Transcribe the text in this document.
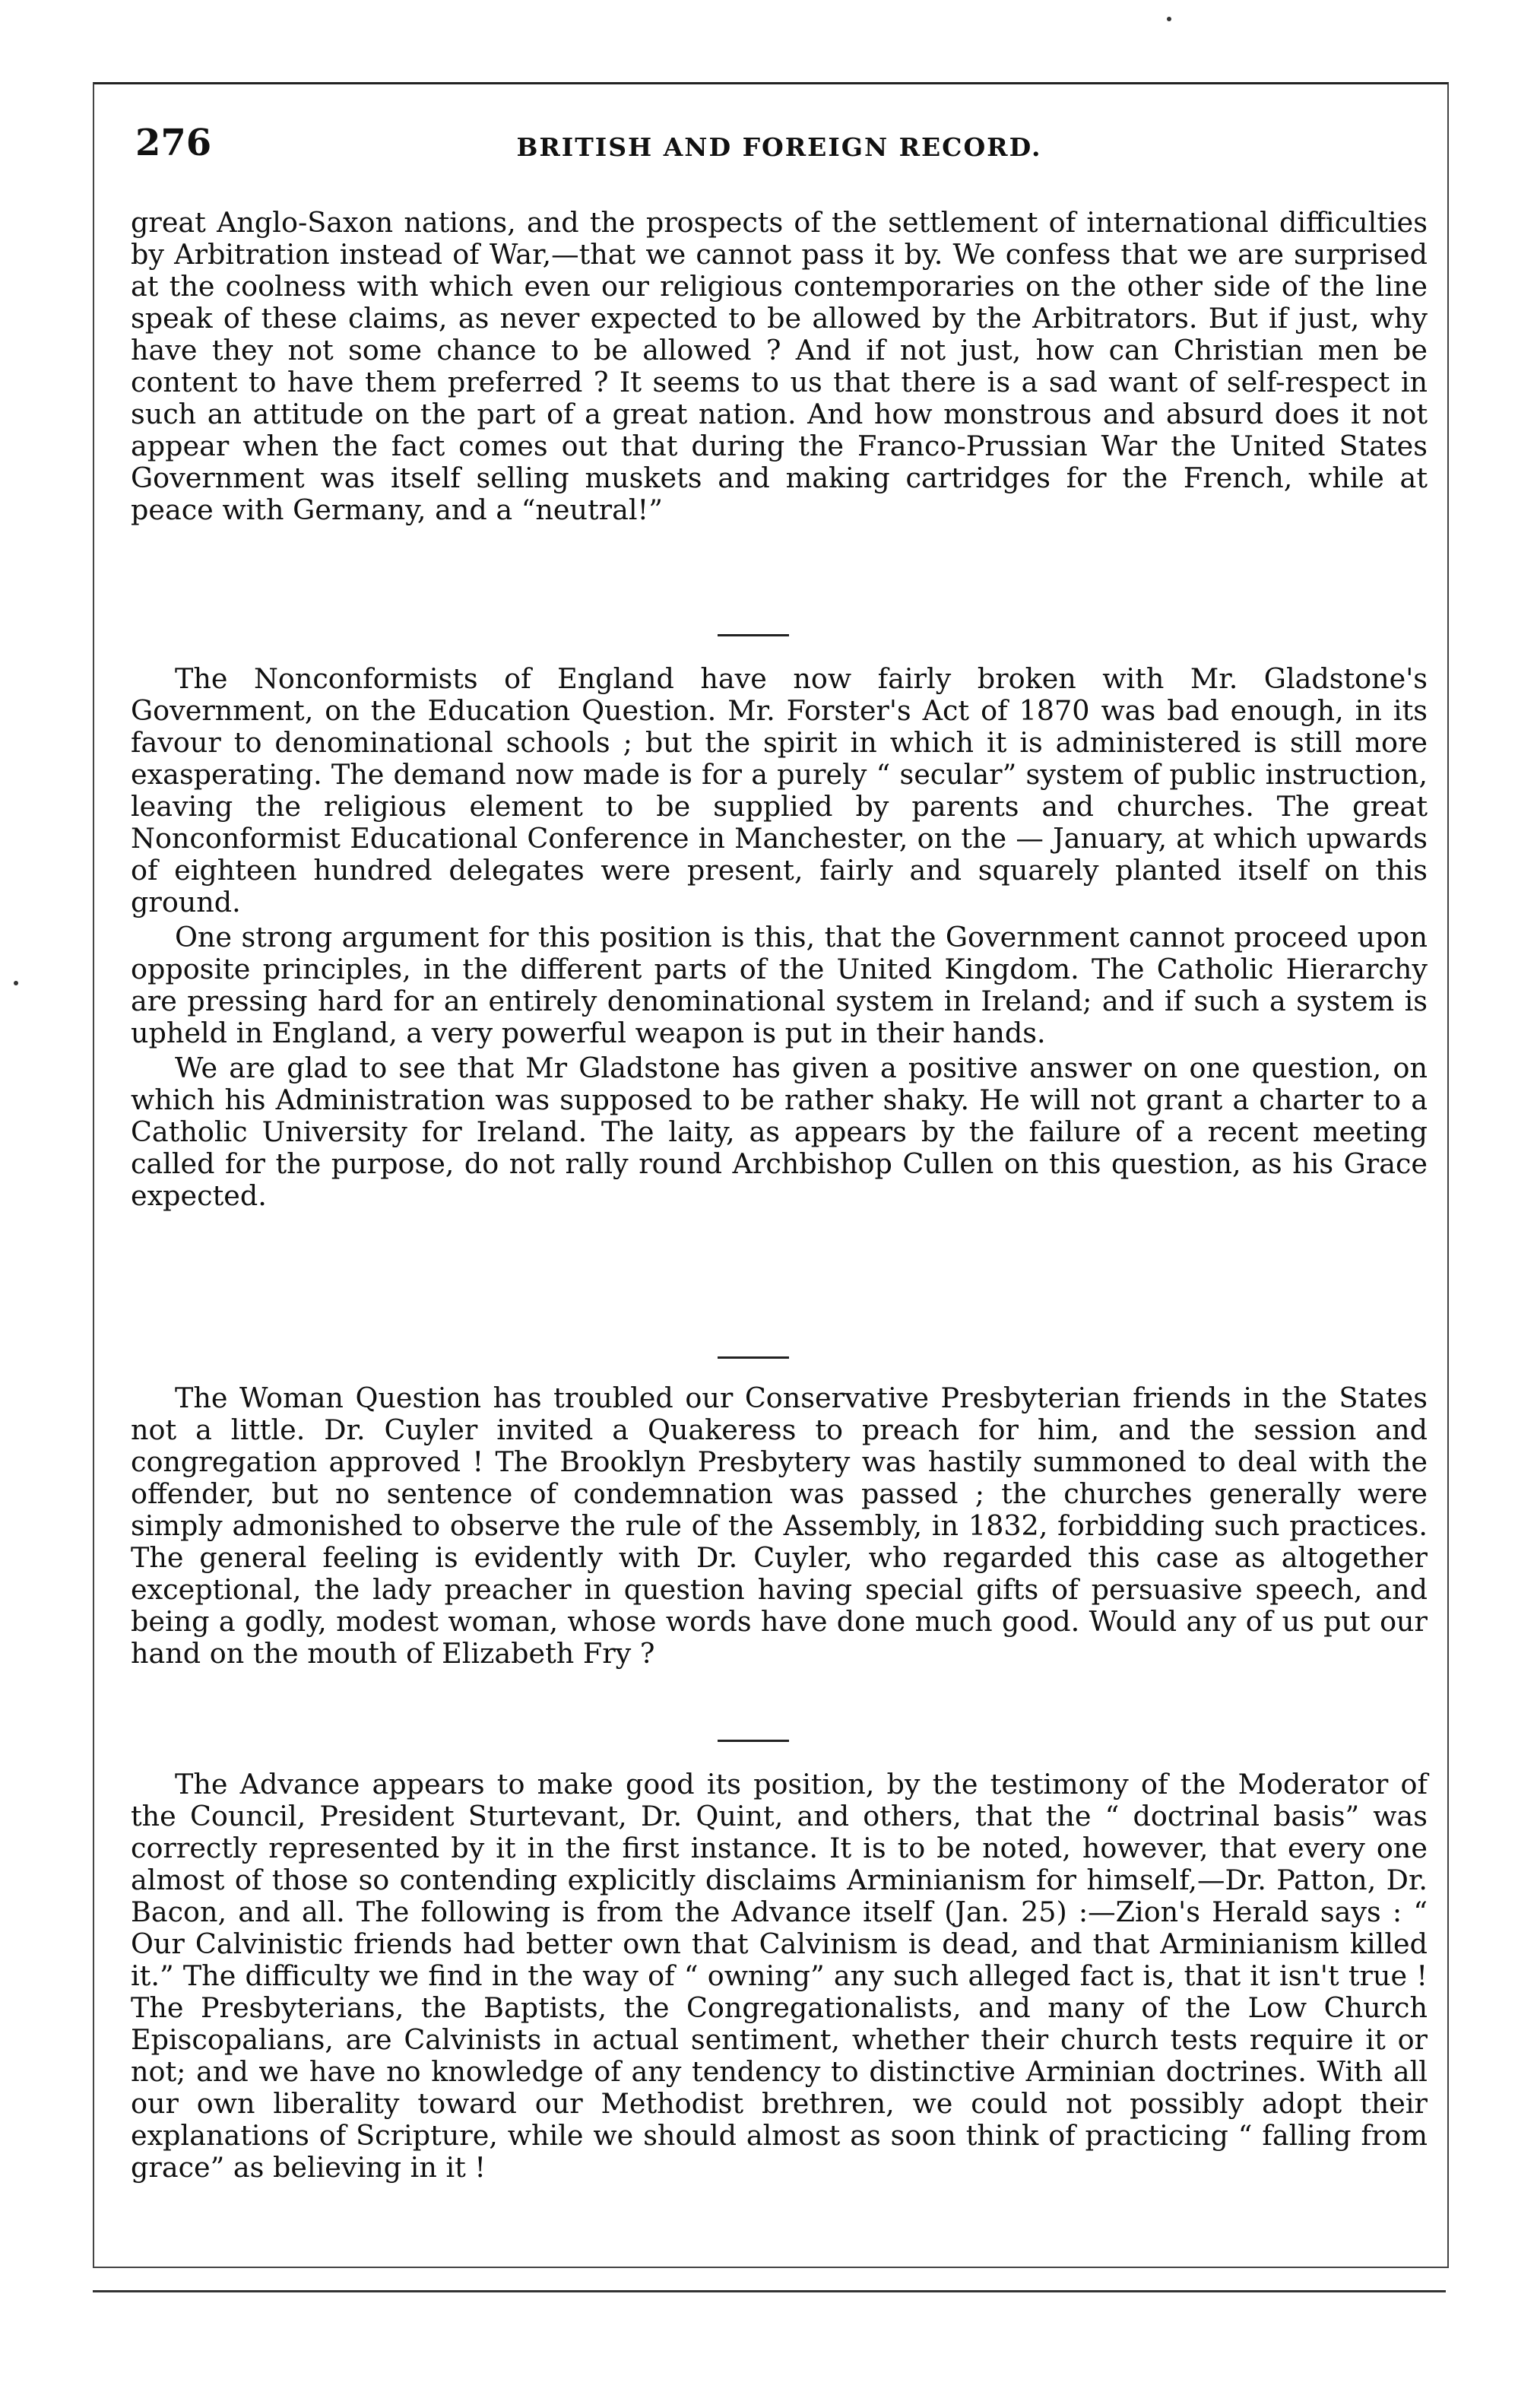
276	BRITISH AND FOREIGN RECORD.

great Anglo-Saxon nations, and the prospects of the settlement of international difficulties by Arbitration instead of War,—that we cannot pass it by. We confess that we are surprised at the coolness with which even our religious contemporaries on the other side of the line speak of these claims, as never expected to be allowed by the Arbitrators. But if just, why have they not some chance to be allowed ? And if not just, how can Christian men be content to have them preferred ? It seems to us that there is a sad want of self-respect in such an attitude on the part of a great nation. And how monstrous and absurd does it not appear when the fact comes out that during the Franco-Prussian War the United States Government was itself selling muskets and making cartridges for the French, while at peace with Germany, and a “neutral!”

The Nonconformists of England have now fairly broken with Mr. Gladstone's Government, on the Education Question. Mr. Forster's Act of 1870 was bad enough, in its favour to denominational schools ; but the spirit in which it is administered is still more exasperating. The demand now made is for a purely “ secular” system of public instruction, leaving the religious element to be supplied by parents and churches. The great Nonconformist Educational Conference in Manchester, on the — January, at which upwards of eighteen hundred delegates were present, fairly and squarely planted itself on this ground.

One strong argument for this position is this, that the Government cannot proceed upon opposite principles, in the different parts of the United Kingdom. The Catholic Hierarchy are pressing hard for an entirely denominational system in Ireland; and if such a system is upheld in England, a very powerful weapon is put in their hands.

We are glad to see that Mr Gladstone has given a positive answer on one question, on which his Administration was supposed to be rather shaky. He will not grant a charter to a Catholic University for Ireland. The laity, as appears by the failure of a recent meeting called for the purpose, do not rally round Archbishop Cullen on this question, as his Grace expected.

The Woman Question has troubled our Conservative Presbyterian friends in the States not a little. Dr. Cuyler invited a Quakeress to preach for him, and the session and congregation approved ! The Brooklyn Presbytery was hastily summoned to deal with the offender, but no sentence of condemnation was passed ; the churches generally were simply admonished to observe the rule of the Assembly, in 1832, forbidding such practices. The general feeling is evidently with Dr. Cuyler, who regarded this case as altogether exceptional, the lady preacher in question having special gifts of persuasive speech, and being a godly, modest woman, whose words have done much good. Would any of us put our hand on the mouth of Elizabeth Fry ?

The Advance appears to make good its position, by the testimony of the Moderator of the Council, President Sturtevant, Dr. Quint, and others, that the “ doctrinal basis” was correctly represented by it in the first instance. It is to be noted, however, that every one almost of those so contending explicitly disclaims Arminianism for himself,—Dr. Patton, Dr. Bacon, and all. The following is from the Advance itself (Jan. 25) :—Zion's Herald says : “ Our Calvinistic friends had better own that Calvinism is dead, and that Arminianism killed it.” The difficulty we find in the way of “ owning” any such alleged fact is, that it isn't true ! The Presbyterians, the Baptists, the Congregationalists, and many of the Low Church Episcopalians, are Calvinists in actual sentiment, whether their church tests require it or not; and we have no knowledge of any tendency to distinctive Arminian doctrines. With all our own liberality toward our Methodist brethren, we could not possibly adopt their explanations of Scripture, while we should almost as soon think of practicing “ falling from grace” as believing in it !
